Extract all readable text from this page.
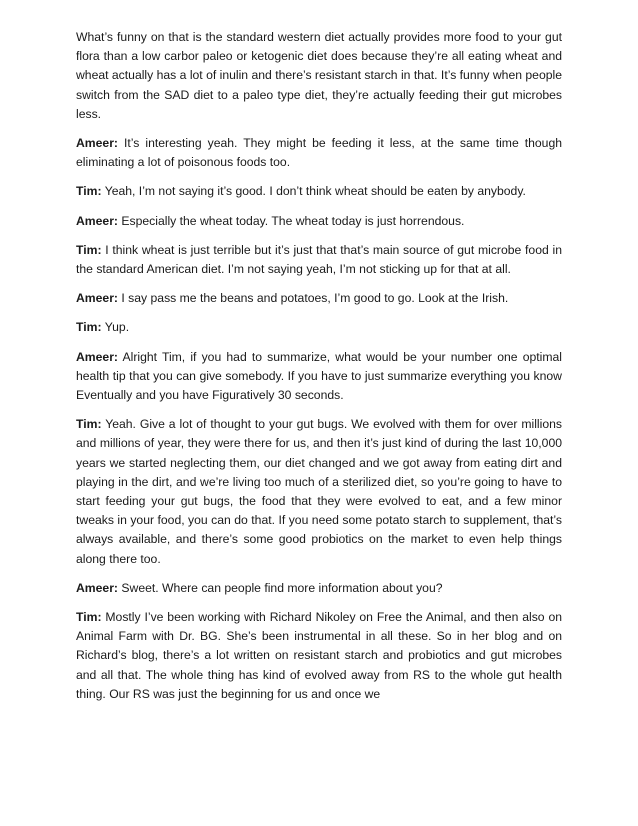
What’s funny on that is the standard western diet actually provides more food to your gut flora than a low carbor paleo or ketogenic diet does because they’re all eating wheat and wheat actually has a lot of inulin and there’s resistant starch in that. It’s funny when people switch from the SAD diet to a paleo type diet, they’re actually feeding their gut microbes less.

Ameer: It’s interesting yeah. They might be feeding it less, at the same time though eliminating a lot of poisonous foods too.

Tim: Yeah, I’m not saying it’s good. I don’t think wheat should be eaten by anybody.

Ameer: Especially the wheat today. The wheat today is just horrendous.

Tim: I think wheat is just terrible but it’s just that that’s main source of gut microbe food in the standard American diet. I’m not saying yeah, I’m not sticking up for that at all.

Ameer: I say pass me the beans and potatoes, I’m good to go. Look at the Irish.

Tim: Yup.

Ameer: Alright Tim, if you had to summarize, what would be your number one optimal health tip that you can give somebody. If you have to just summarize everything you know Eventually and you have Figuratively 30 seconds.

Tim: Yeah. Give a lot of thought to your gut bugs. We evolved with them for over millions and millions of year, they were there for us, and then it’s just kind of during the last 10,000 years we started neglecting them, our diet changed and we got away from eating dirt and playing in the dirt, and we’re living too much of a sterilized diet, so you’re going to have to start feeding your gut bugs, the food that they were evolved to eat, and a few minor tweaks in your food, you can do that. If you need some potato starch to supplement, that’s always available, and there’s some good probiotics on the market to even help things along there too.

Ameer: Sweet. Where can people find more information about you?

Tim: Mostly I’ve been working with Richard Nikoley on Free the Animal, and then also on Animal Farm with Dr. BG. She’s been instrumental in all these. So in her blog and on Richard’s blog, there’s a lot written on resistant starch and probiotics and gut microbes and all that. The whole thing has kind of evolved away from RS to the whole gut health thing. Our RS was just the beginning for us and once we
